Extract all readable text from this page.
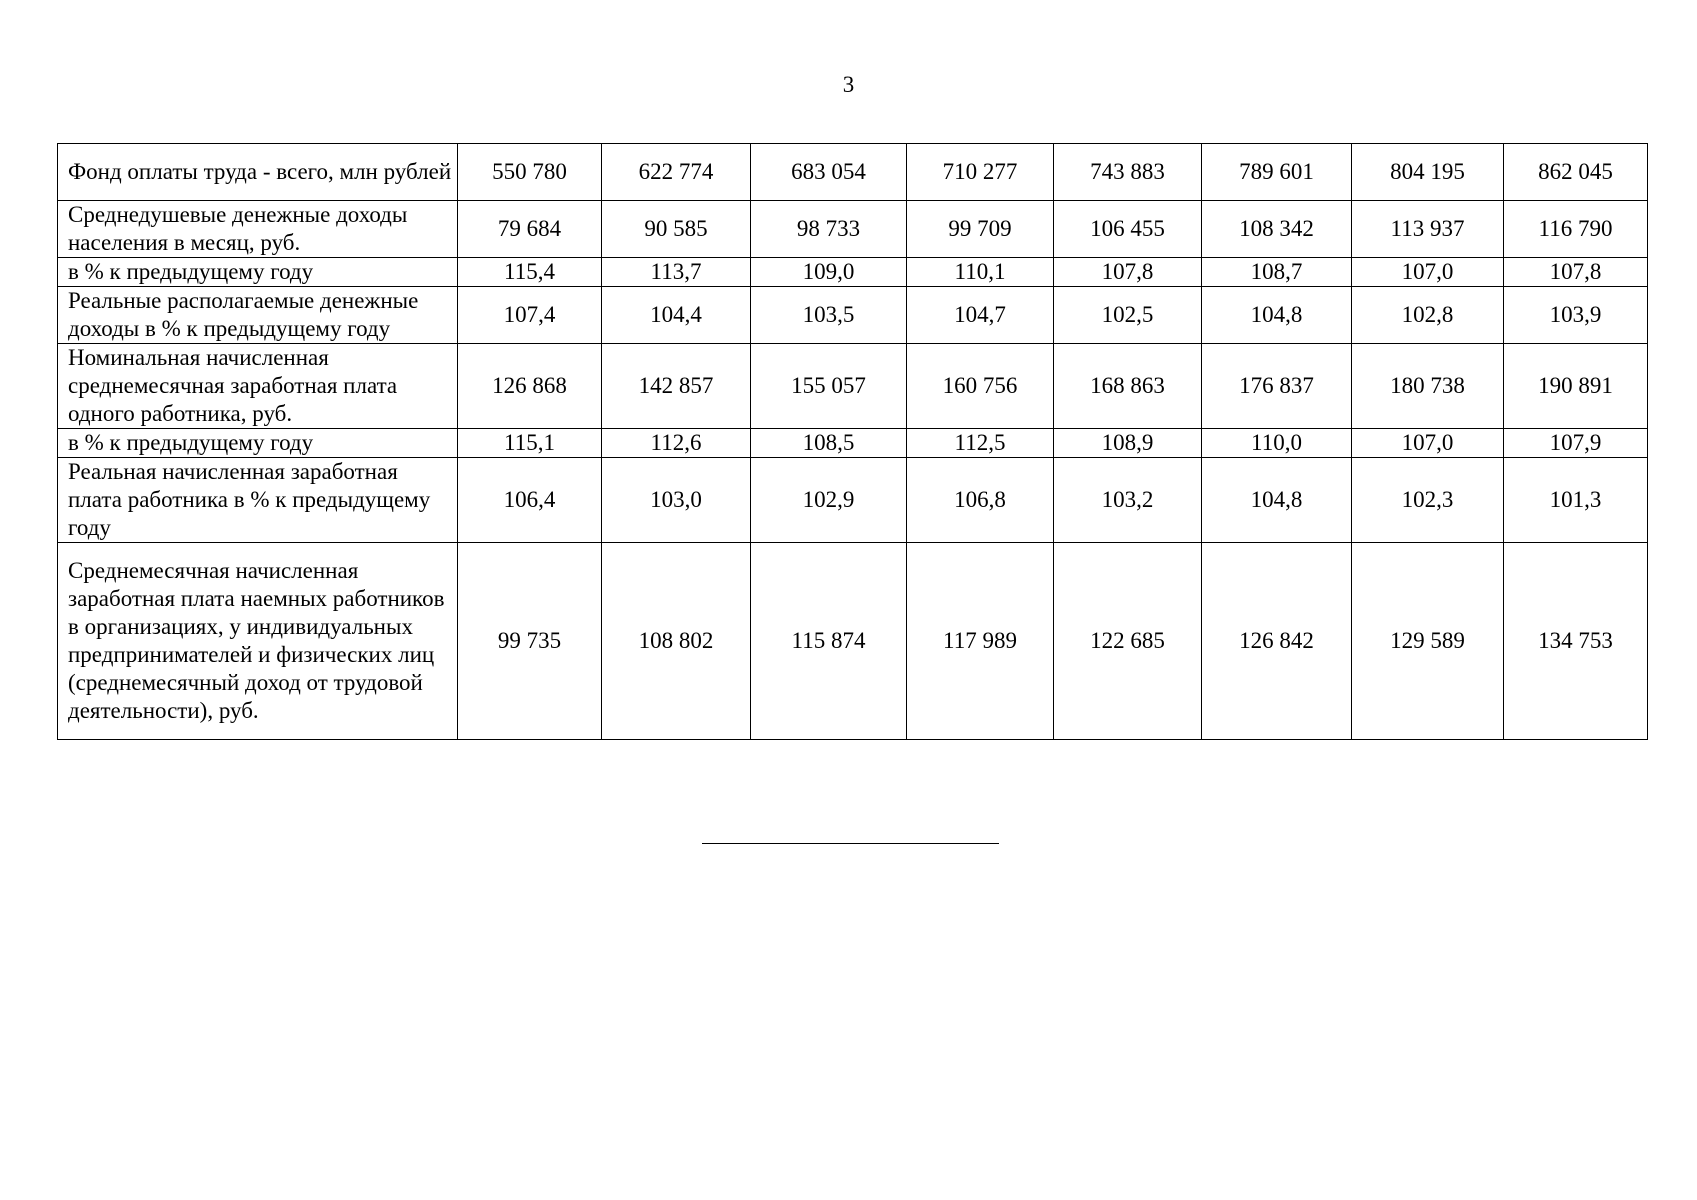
3
Фонд оплаты труда - всего, млн рублей	550 780	622 774	683 054	710 277	743 883	789 601	804 195	862 045
Среднедушевые денежные доходы населения в месяц, руб.	79 684	90 585	98 733	99 709	106 455	108 342	113 937	116 790
в % к предыдущему году	115,4	113,7	109,0	110,1	107,8	108,7	107,0	107,8
Реальные располагаемые денежные доходы в % к предыдущему году	107,4	104,4	103,5	104,7	102,5	104,8	102,8	103,9
Номинальная начисленная среднемесячная заработная плата одного работника, руб.	126 868	142 857	155 057	160 756	168 863	176 837	180 738	190 891
в % к предыдущему году	115,1	112,6	108,5	112,5	108,9	110,0	107,0	107,9
Реальная начисленная заработная плата работника в % к предыдущему году	106,4	103,0	102,9	106,8	103,2	104,8	102,3	101,3
Среднемесячная начисленная заработная плата наемных работников в организациях, у индивидуальных предпринимателей и физических лиц (среднемесячный доход от трудовой деятельности), руб.	99 735	108 802	115 874	117 989	122 685	126 842	129 589	134 753
